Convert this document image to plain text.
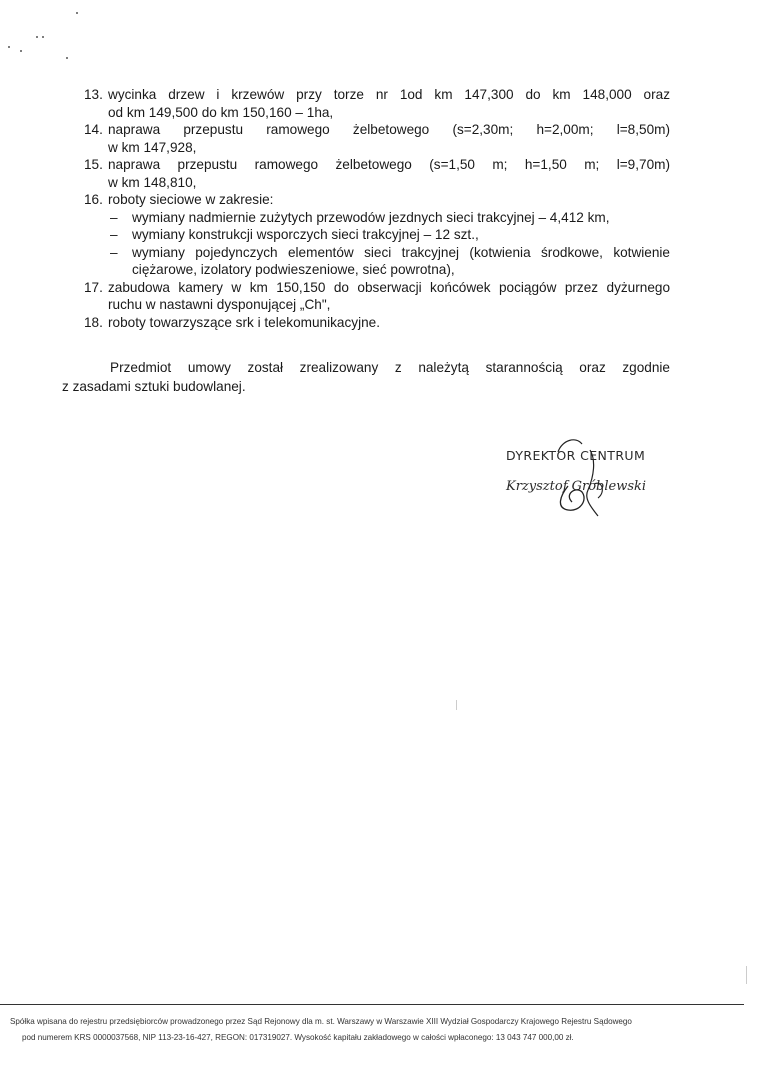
13. wycinka drzew i krzewów przy torze nr 1od km 147,300 do km 148,000 oraz
od km 149,500 do km 150,160 – 1ha,
14. naprawa przepustu ramowego żelbetowego (s=2,30m; h=2,00m; l=8,50m)
w km 147,928,
15. naprawa przepustu ramowego żelbetowego (s=1,50 m; h=1,50 m; l=9,70m)
w km 148,810,
16. roboty sieciowe w zakresie:
– wymiany nadmiernie zużytych przewodów jezdnych sieci trakcyjnej – 4,412 km,
– wymiany konstrukcji wsporczych sieci trakcyjnej – 12 szt.,
– wymiany pojedynczych elementów sieci trakcyjnej (kotwienia środkowe, kotwienie
ciężarowe, izolatory podwieszeniowe, sieć powrotna),
17. zabudowa kamery w km 150,150 do obserwacji końcówek pociągów przez dyżurnego
ruchu w nastawni dysponującej „Ch",
18. roboty towarzyszące srk i telekomunikacyjne.

Przedmiot umowy został zrealizowany z należytą starannością oraz zgodnie

z zasadami sztuki budowlanej.

DYREKTOR CENTRUM
Krzysztof Gróblewski
Spółka wpisana do rejestru przedsiębiorców prowadzonego przez Sąd Rejonowy dla m. st. Warszawy w Warszawie XIII Wydział Gospodarczy Krajowego Rejestru Sądowego
pod numerem KRS 0000037568, NIP 113-23-16-427, REGON: 017319027. Wysokość kapitału zakładowego w całości wpłaconego: 13 043 747 000,00 zł.
